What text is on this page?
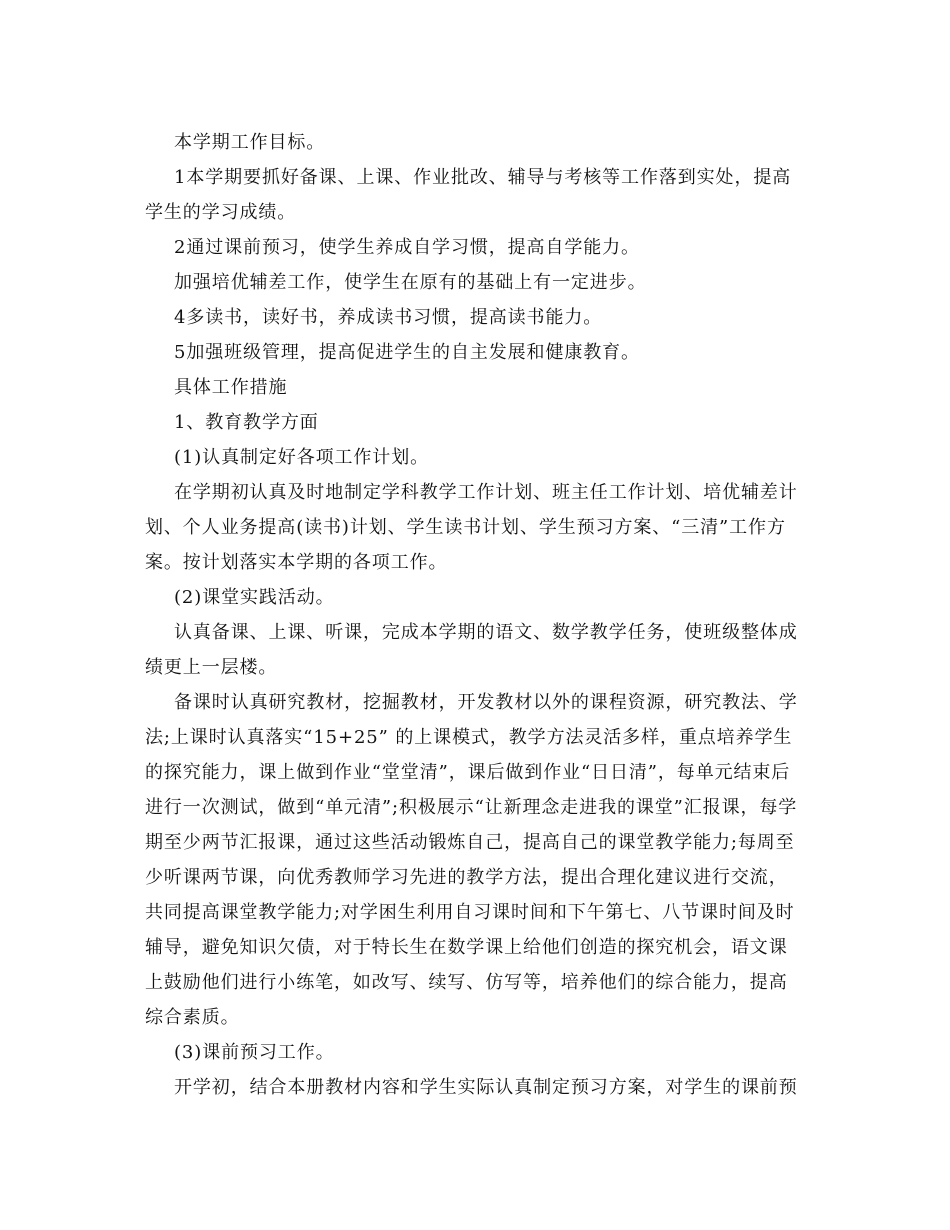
本学期工作目标。

1本学期要抓好备课、上课、作业批改、辅导与考核等工作落到实处，提高学生的学习成绩。

2通过课前预习，使学生养成自学习惯，提高自学能力。

加强培优辅差工作，使学生在原有的基础上有一定进步。

4多读书，读好书，养成读书习惯，提高读书能力。

5加强班级管理，提高促进学生的自主发展和健康教育。

具体工作措施

1、教育教学方面

(1)认真制定好各项工作计划。

在学期初认真及时地制定学科教学工作计划、班主任工作计划、培优辅差计划、个人业务提高(读书)计划、学生读书计划、学生预习方案、“三清”工作方案。按计划落实本学期的各项工作。

(2)课堂实践活动。

认真备课、上课、听课，完成本学期的语文、数学教学任务，使班级整体成绩更上一层楼。

备课时认真研究教材，挖掘教材，开发教材以外的课程资源，研究教法、学法;上课时认真落实“15+25” 的上课模式，教学方法灵活多样，重点培养学生的探究能力，课上做到作业“堂堂清”，课后做到作业“日日清”，每单元结束后进行一次测试，做到“单元清”;积极展示“让新理念走进我的课堂”汇报课，每学期至少两节汇报课，通过这些活动锻炼自己，提高自己的课堂教学能力;每周至少听课两节课，向优秀教师学习先进的教学方法，提出合理化建议进行交流，共同提高课堂教学能力;对学困生利用自习课时间和下午第七、八节课时间及时辅导，避免知识欠债，对于特长生在数学课上给他们创造的探究机会，语文课上鼓励他们进行小练笔，如改写、续写、仿写等，培养他们的综合能力，提高综合素质。

(3)课前预习工作。

开学初，结合本册教材内容和学生实际认真制定预习方案，对学生的课前预
